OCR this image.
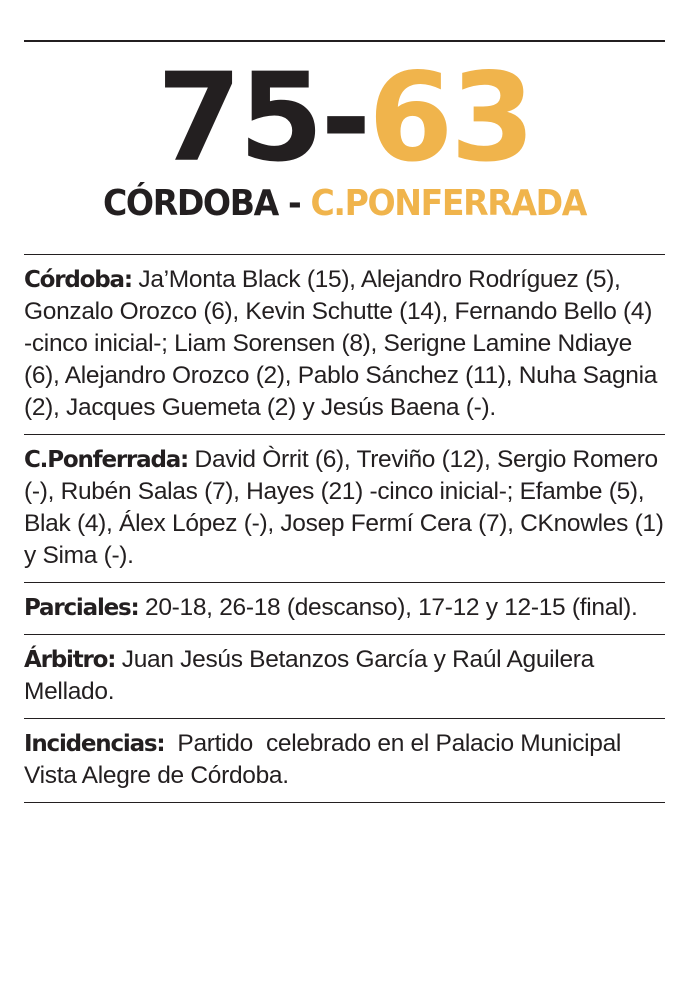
75-63
CÓRDOBA - C.PONFERRADA

Córdoba: Ja’Monta Black (15), Alejandro Rodríguez (5), Gonzalo Orozco (6), Kevin Schutte (14), Fernando Bello (4) -cinco inicial-; Liam Sorensen (8), Serigne Lamine Ndiaye (6), Alejandro Orozco (2), Pablo Sánchez (11), Nuha Sagnia (2), Jacques Guemeta (2) y Jesús Baena (-).

C.Ponferrada: David Òrrit (6), Treviño (12), Sergio Romero (-), Rubén Salas (7), Hayes (21) -cinco inicial-; Efambe (5), Blak (4), Álex López (-), Josep Fermí Cera (7), CKnowles (1) y Sima (-).

Parciales: 20-18, 26-18 (descanso), 17-12 y 12-15 (final).

Árbitro: Juan Jesús Betanzos García y Raúl Aguilera Mellado.

Incidencias:  Partido  celebrado en el Palacio Municipal Vista Alegre de Córdoba.
